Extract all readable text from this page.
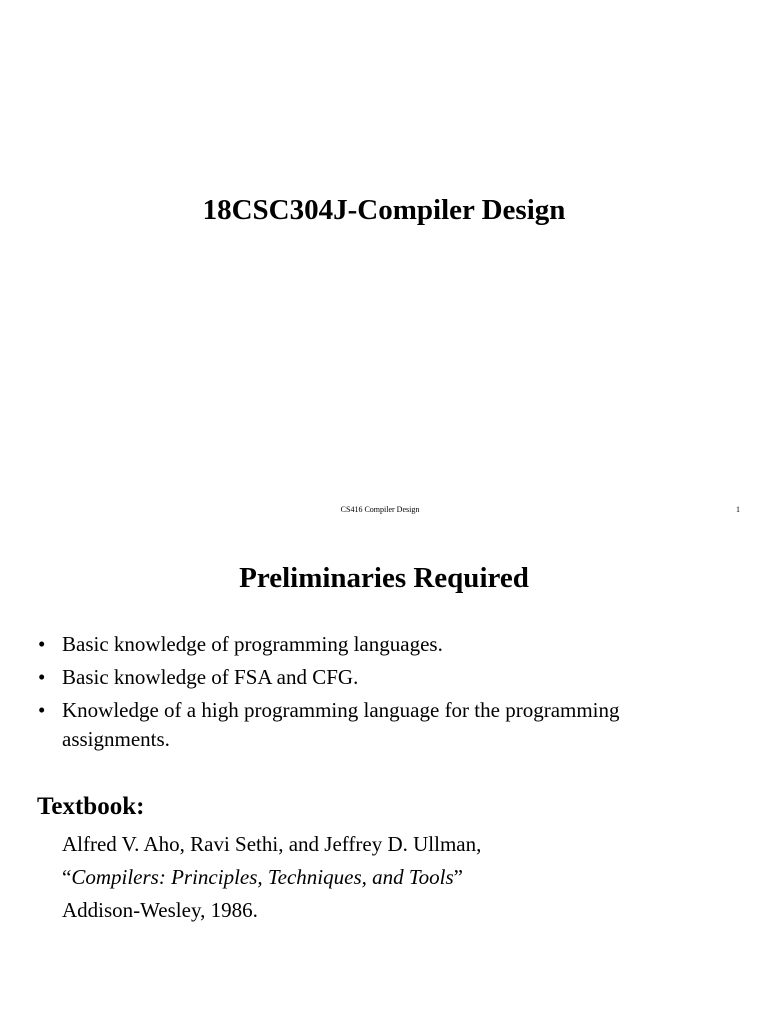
18CSC304J-Compiler Design
CS416 Compiler Design	1
Preliminaries Required
• Basic knowledge of programming languages.
• Basic knowledge of FSA and CFG.
• Knowledge of a high programming language for the programming assignments.
Textbook:
Alfred V. Aho, Ravi Sethi, and Jeffrey D. Ullman,
“Compilers: Principles, Techniques, and Tools”
Addison-Wesley, 1986.
